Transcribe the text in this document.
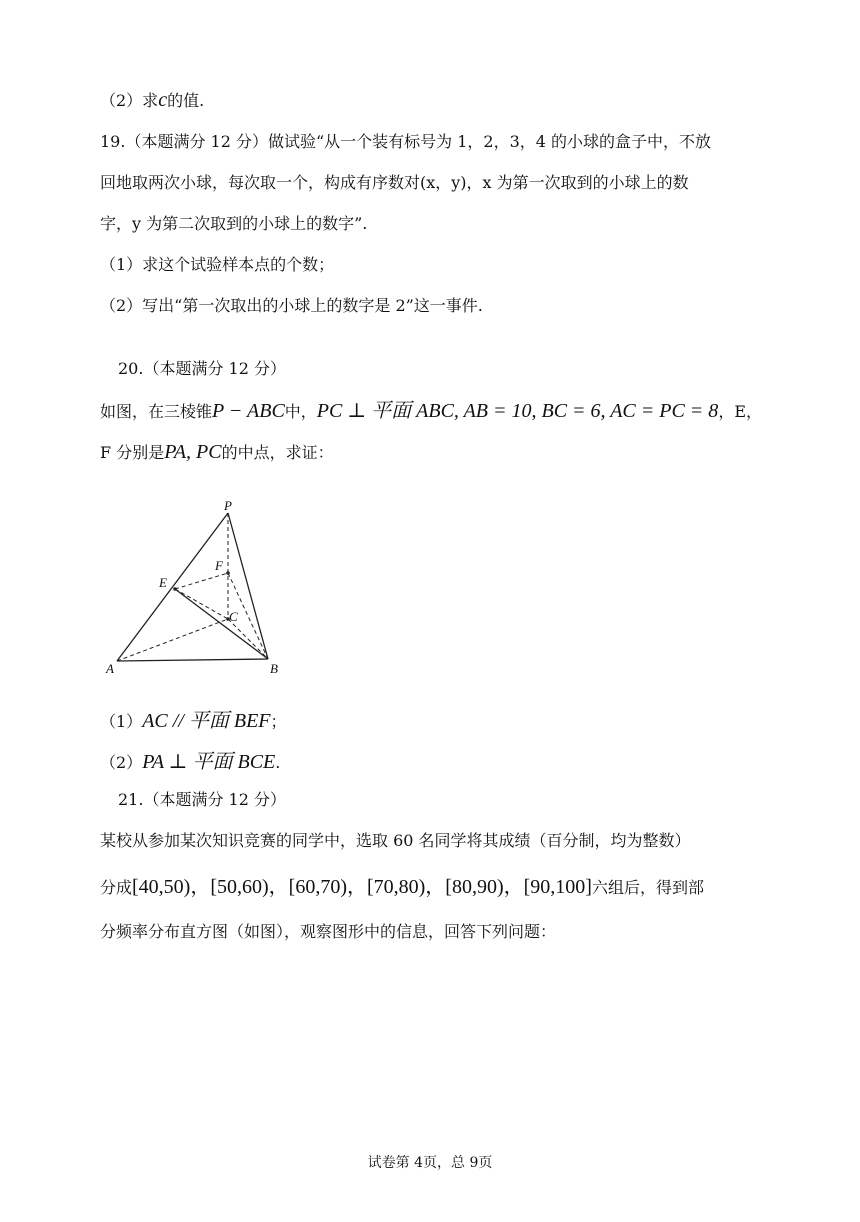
（2）求c的值.
19.（本题满分 12 分）做试验“从一个装有标号为 1，2，3，4 的小球的盒子中，不放
回地取两次小球，每次取一个，构成有序数对(x，y)，x 为第一次取到的小球上的数
字，y 为第二次取到的小球上的数字”.
（1）求这个试验样本点的个数；
（2）写出“第一次取出的小球上的数字是 2”这一事件.
20.（本题满分 12 分）
如图，在三棱锥P − ABC中，PC ⊥ 平面 ABC, AB = 10, BC = 6, AC = PC = 8，E，
F 分别是PA, PC的中点，求证：
P
E
F
C
A	B
（1）AC // 平面 BEF；
（2）PA ⊥ 平面 BCE.
21.（本题满分 12 分）
某校从参加某次知识竞赛的同学中，选取 60 名同学将其成绩（百分制，均为整数）
分成[40,50)，[50,60)，[60,70)，[70,80)，[80,90)，[90,100]六组后，得到部
分频率分布直方图（如图），观察图形中的信息，回答下列问题：
试卷第 4页，总 9页
